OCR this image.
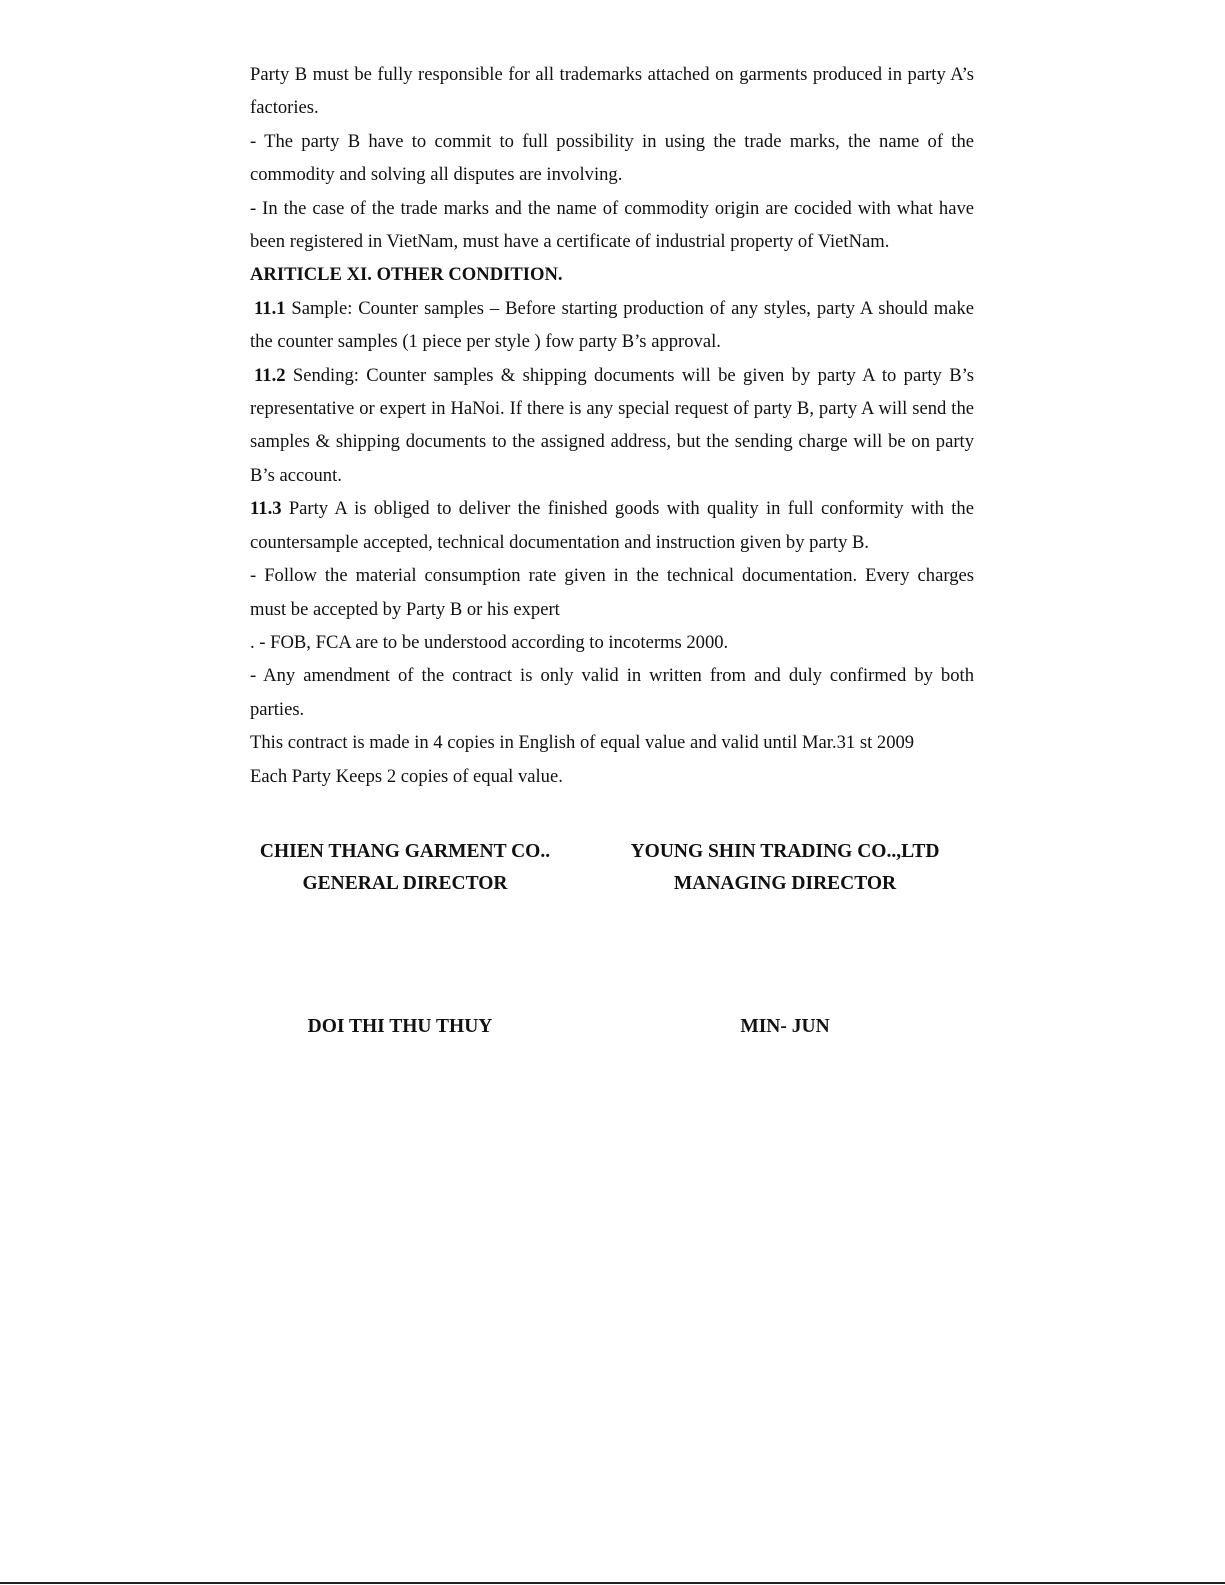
Party B must be fully responsible for all trademarks attached on garments produced in party A’s factories.

- The party B have to commit to full possibility in using the trade marks, the name of the commodity and solving all disputes are involving.

- In the case of the trade marks and the name of commodity origin are cocided with what have been registered in VietNam, must have a certificate of industrial property of VietNam.

ARITICLE XI. OTHER CONDITION.

11.1 Sample: Counter samples – Before starting production of any styles, party A should make the counter samples (1 piece per style ) fow party B’s approval.

11.2 Sending: Counter samples & shipping documents will be given by party A to party B’s representative or expert in HaNoi. If there is any special request of party B, party A will send the samples & shipping documents to the assigned address, but the sending charge will be on party B’s account.

11.3 Party A is obliged to deliver the finished goods with quality in full conformity with the countersample accepted, technical documentation and instruction given by party B.

- Follow the material consumption rate given in the technical documentation. Every charges must be accepted by Party B or his expert

. - FOB, FCA are to be understood according to incoterms 2000.

- Any amendment of the contract is only valid in written from and duly confirmed by both parties.

This contract is made in 4 copies in English of equal value and valid until Mar.31 st 2009

Each Party Keeps 2 copies of equal value.

CHIEN THANG GARMENT CO..
GENERAL DIRECTOR
YOUNG SHIN TRADING CO..,LTD
MANAGING DIRECTOR
DOI THI THU THUY	MIN- JUN
